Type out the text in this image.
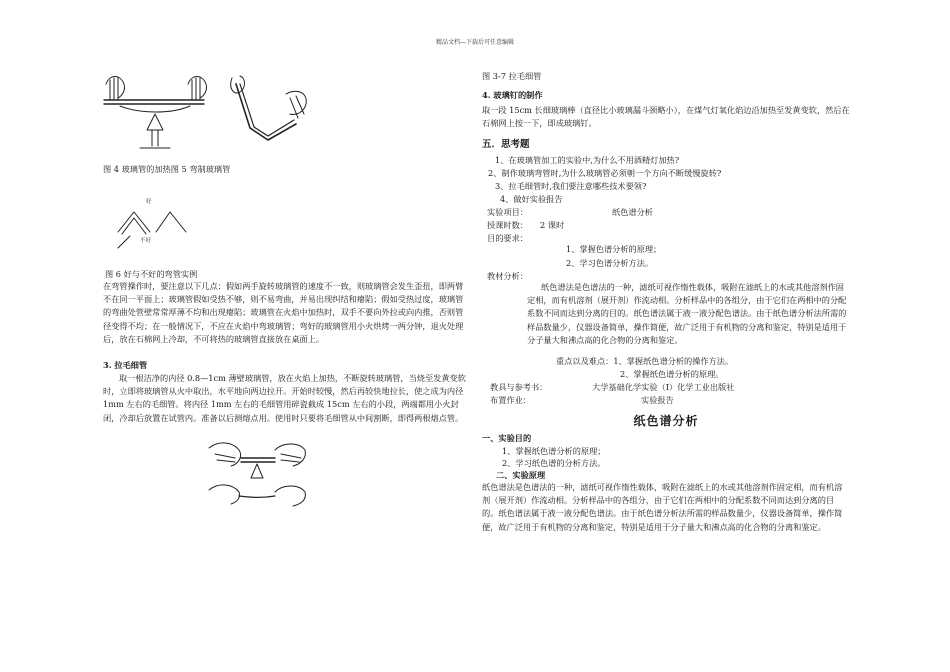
精品文档---下载后可任意编辑
图 4 玻璃管的加热图 5 弯制玻璃管
好
不好
图 6 好与不好的弯管实例
在弯管操作时，要注意以下几点：假如两手旋转玻璃管的速度不一致，则玻璃管会发生歪扭，即两臂不在同一平面上；玻璃管假如受热不够，则不易弯曲，并易出现纠结和瘪陷；假如受热过度，玻璃管的弯曲处管壁常常厚薄不均和出现瘪陷；玻璃管在火焰中加热时，双手不要向外拉或向内推，否则管径变得不均；在一般情况下，不应在火焰中弯玻璃管；弯好的玻璃管用小火烘烤一两分钟，退火处理后，放在石棉网上冷却，不可将热的玻璃管直接放在桌面上。
3. 拉毛细管
取一根洁净的内径 0.8—1cm 薄壁玻璃管，放在火焰上加热，不断旋转玻璃管，当烧至发黄变软时，立即将玻璃管从火中取出，水平地向两边拉开。开始时较慢，然后再较快地拉长，使之成为内径 1mm 左右的毛细管。将内径 1mm 左右的毛细管用碎瓷截成 15cm 左右的小段，两端都用小火封闭，冷却后放置在试管内。准备以后测熔点用。使用时只要将毛细管从中间割断，即得两根熔点管。
图 3-7 拉毛细管
4. 玻璃钉的制作
取一段 15cm 长细玻璃棒（直径比小玻璃漏斗颈略小），在煤气灯氧化焰边沿加热至发黄变软，然后在石棉网上按一下，即成玻璃钉。
五．思考题
1、在玻璃管加工的实验中,为什么不用酒精灯加热?
2、制作玻璃弯管时,为什么玻璃管必须朝一个方向不断缓慢旋转?
3、拉毛细管时,我们要注意哪些技术要领?
4、做好实验报告
实验项目：	纸色谱分析
授课时数： 2 课时
目的要求：
1、掌握色谱分析的原理；
2、学习色谱分析方法。
教材分析：
纸色谱法是色谱法的一种，滤纸可视作惰性载体，吸附在滤纸上的水或其他溶剂作固定相，而有机溶剂（展开剂）作流动相。分析样品中的各组分，由于它们在两相中的分配系数不同而达到分离的目的。纸色谱法属于液一液分配色谱法。由于纸色谱分析法所需的样品数量少，仪器设备简单，操作简便，故广泛用于有机物的分离和鉴定，特别是适用于分子量大和沸点高的化合物的分离和鉴定。
重点以及难点：1、掌握纸色谱分析的操作方法。
2、掌握纸色谱分析的原理。
教具与参考书：	大学基础化学实验（Ⅰ）化学工业出版社
布置作业：	实验报告
纸色谱分析
一、实验目的
1、掌握纸色谱分析的原理；
2、学习纸色谱的分析方法。
二、实验原理
纸色谱法是色谱法的一种，滤纸可视作惰性载体，吸附在滤纸上的水或其他溶剂作固定相，而有机溶剂（展开剂）作流动相。分析样品中的各组分，由于它们在两相中的分配系数不同而达到分离的目的。纸色谱法属于液一液分配色谱法。由于纸色谱分析法所需的样品数量少，仪器设备简单，操作简便，故广泛用于有机物的分离和鉴定，特别是适用于分子量大和沸点高的化合物的分离和鉴定。
